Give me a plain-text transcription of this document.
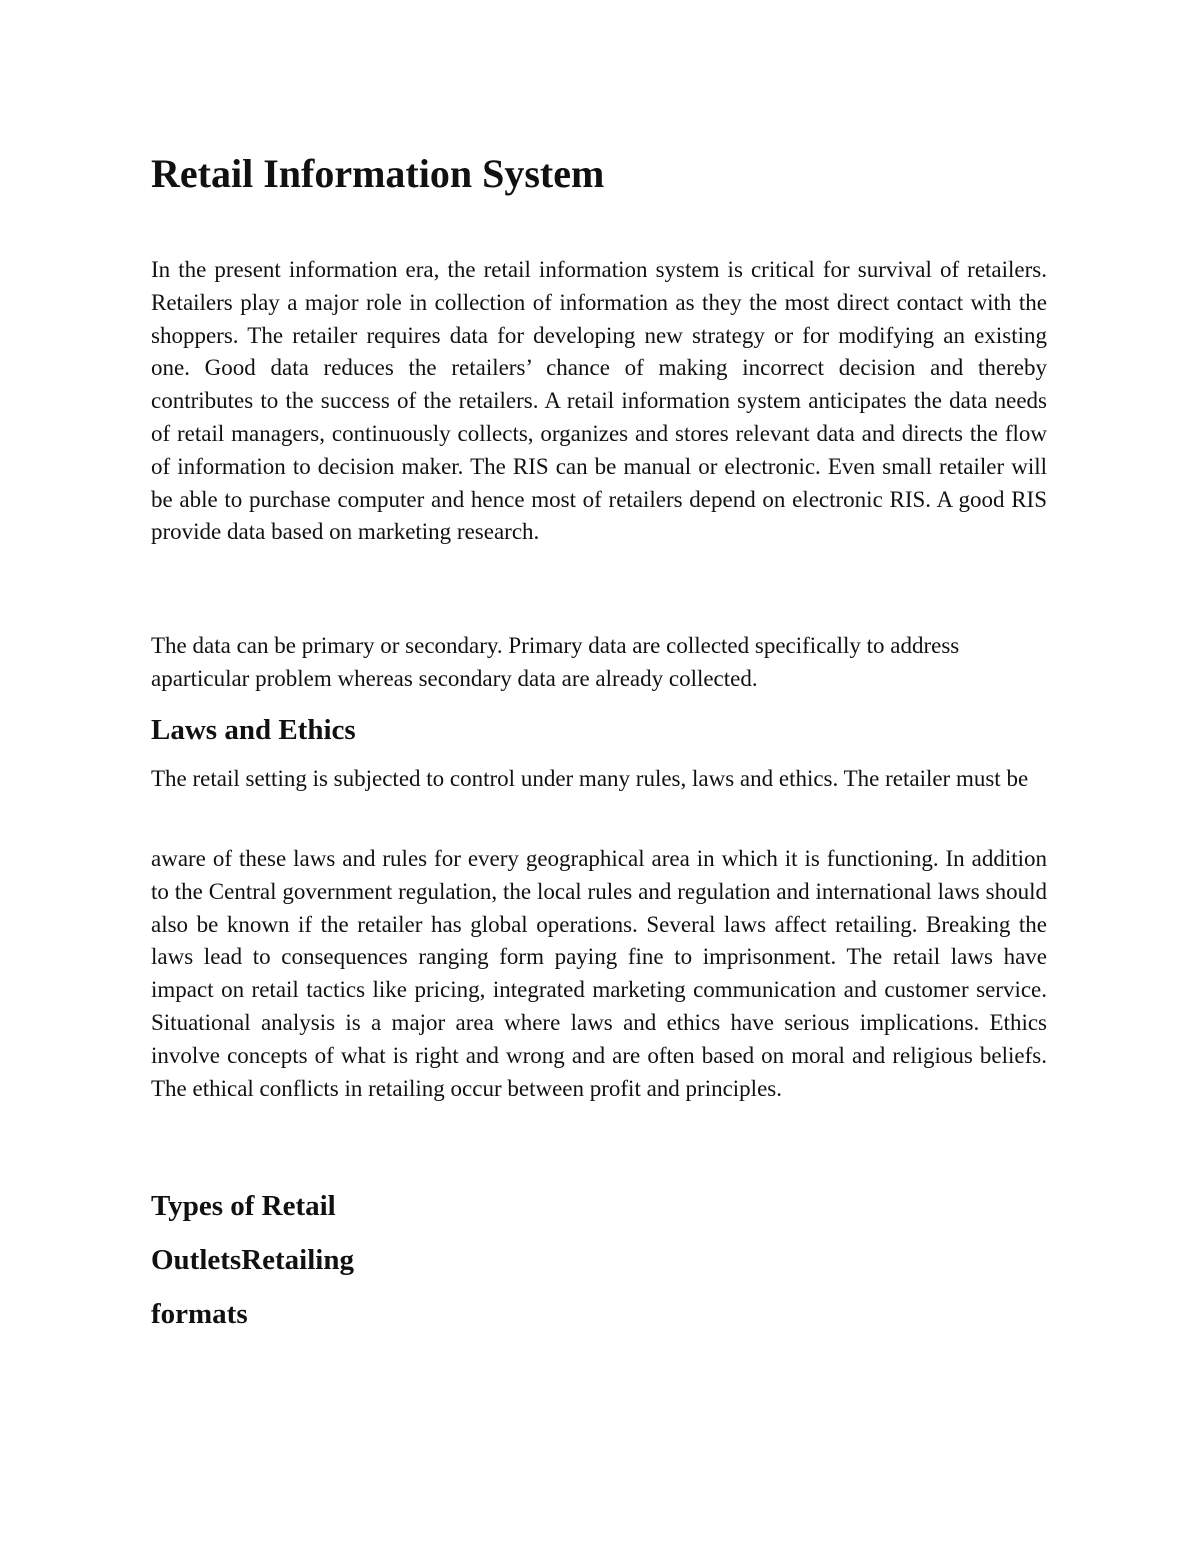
Retail Information System

In the present information era, the retail information system is critical for survival of retailers. Retailers play a major role in collection of information as they the most direct contact with the shoppers. The retailer requires data for developing new strategy or for modifying an existing one. Good data reduces the retailers’ chance of making incorrect decision and thereby contributes to the success of the retailers. A retail information system anticipates the data needs of retail managers, continuously collects, organizes and stores relevant data and directs the flow of information to decision maker. The RIS can be manual or electronic. Even small retailer will be able to purchase computer and hence most of retailers depend on electronic RIS. A good RIS provide data based on marketing research.

The data can be primary or secondary. Primary data are collected specifically to address aparticular problem whereas secondary data are already collected.

Laws and Ethics

The retail setting is subjected to control under many rules, laws and ethics. The retailer must be

aware of these laws and rules for every geographical area in which it is functioning. In addition to the Central government regulation, the local rules and regulation and international laws should also be known if the retailer has global operations. Several laws affect retailing. Breaking the laws lead to consequences ranging form paying fine to imprisonment. The retail laws have impact on retail tactics like pricing, integrated marketing communication and customer service. Situational analysis is a major area where laws and ethics have serious implications. Ethics involve concepts of what is right and wrong and are often based on moral and religious beliefs. The ethical conflicts in retailing occur between profit and principles.

Types of Retail
OutletsRetailing
formats
